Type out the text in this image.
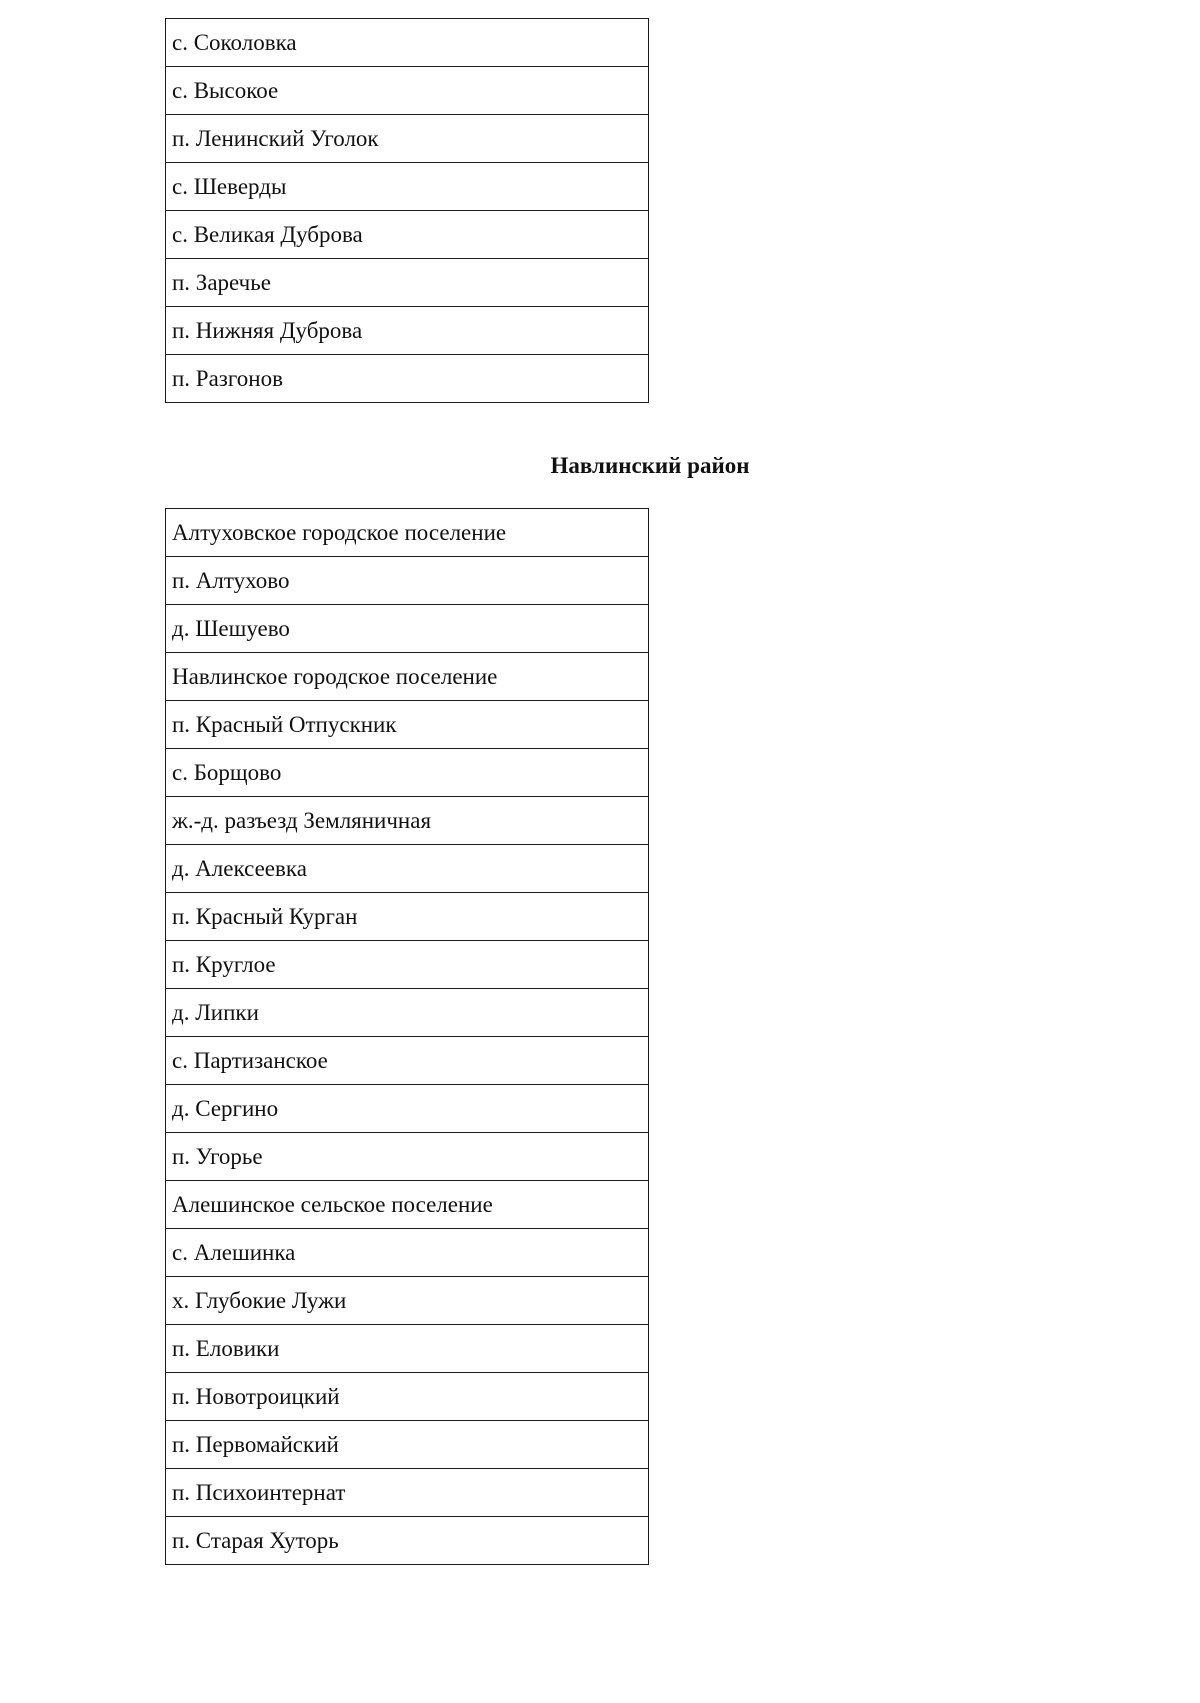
с. Соколовка
с. Высокое
п. Ленинский Уголок
с. Шеверды
с. Великая Дуброва
п. Заречье
п. Нижняя Дуброва
п. Разгонов
Навлинский район
Алтуховское городское поселение
п. Алтухово
д. Шешуево
Навлинское городское поселение
п. Красный Отпускник
с. Борщово
ж.-д. разъезд Земляничная
д. Алексеевка
п. Красный Курган
п. Круглое
д. Липки
с. Партизанское
д. Сергино
п. Угорье
Алешинское сельское поселение
с. Алешинка
х. Глубокие Лужи
п. Еловики
п. Новотроицкий
п. Первомайский
п. Психоинтернат
п. Старая Хуторь
